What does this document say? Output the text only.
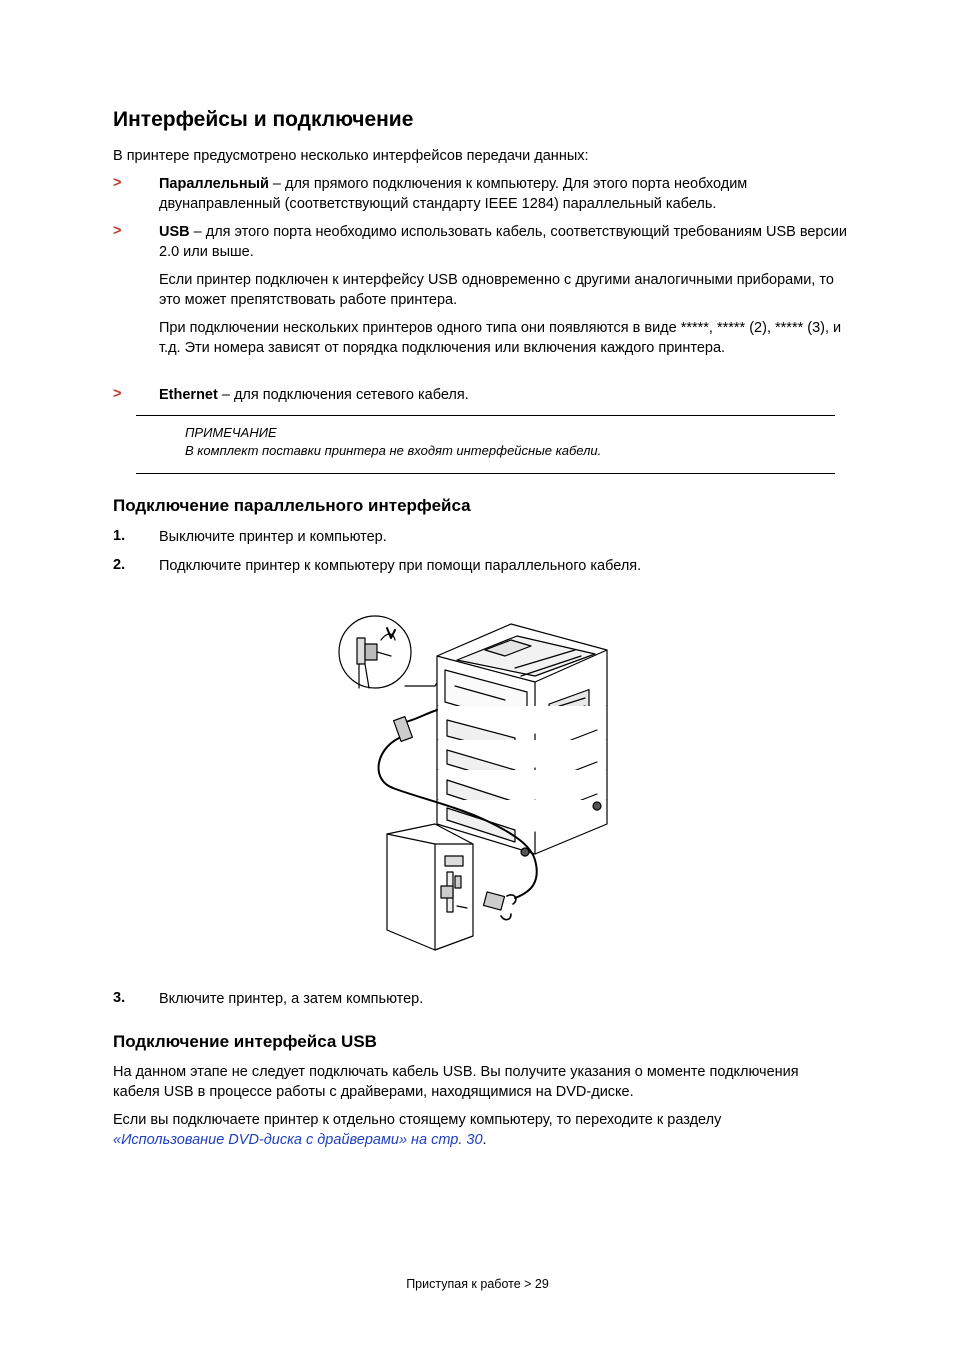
Интерфейсы и подключение
В принтере предусмотрено несколько интерфейсов передачи данных:
>	Параллельный – для прямого подключения к компьютеру. Для этого порта необходим двунаправленный (соответствующий стандарту IEEE 1284) параллельный кабель.
>	USB – для этого порта необходимо использовать кабель, соответствующий требованиям USB версии 2.0 или выше.
Если принтер подключен к интерфейсу USB одновременно с другими аналогичными приборами, то это может препятствовать работе принтера.
При подключении нескольких принтеров одного типа они появляются в виде *****, ***** (2), ***** (3), и т.д. Эти номера зависят от порядка подключения или включения каждого принтера.
>	Ethernet – для подключения сетевого кабеля.
ПРИМЕЧАНИЕ
В комплект поставки принтера не входят интерфейсные кабели.
Подключение параллельного интерфейса
1. Выключите принтер и компьютер.
2. Подключите принтер к компьютеру при помощи параллельного кабеля.
3. Включите принтер, а затем компьютер.
Подключение интерфейса USB
На данном этапе не следует подключать кабель USB. Вы получите указания о моменте подключения кабеля USB в процессе работы с драйверами, находящимися на DVD-диске.
Если вы подключаете принтер к отдельно стоящему компьютеру, то переходите к разделу «Использование DVD-диска с драйверами» на стр. 30.
Приступая к работе > 29
